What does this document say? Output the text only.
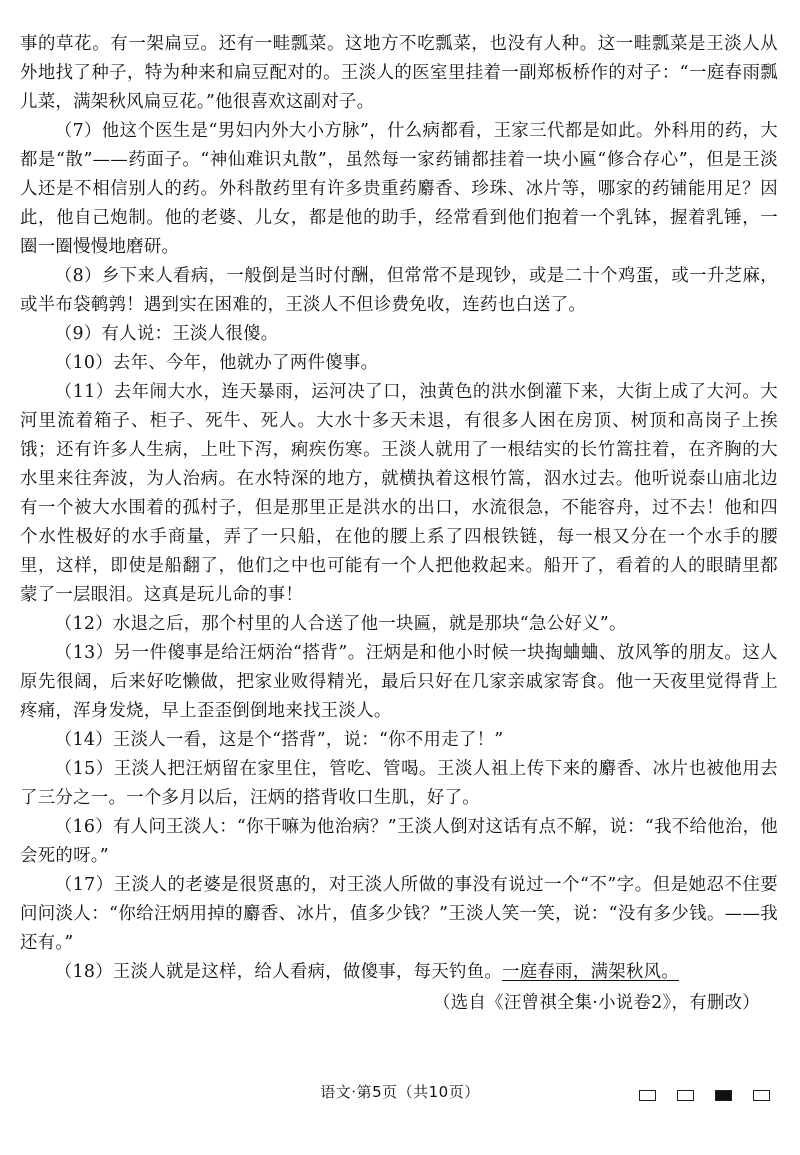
事的草花。有一架扁豆。还有一畦瓢菜。这地方不吃瓢菜，也没有人种。这一畦瓢菜是王淡人从外地找了种子，特为种来和扁豆配对的。王淡人的医室里挂着一副郑板桥作的对子：“一庭春雨瓢儿菜，满架秋风扁豆花。”他很喜欢这副对子。

（7）他这个医生是“男妇内外大小方脉”，什么病都看，王家三代都是如此。外科用的药，大都是“散”——药面子。“神仙难识丸散”，虽然每一家药铺都挂着一块小匾“修合存心”，但是王淡人还是不相信别人的药。外科散药里有许多贵重药麝香、珍珠、冰片等，哪家的药铺能用足？因此，他自己炮制。他的老婆、儿女，都是他的助手，经常看到他们抱着一个乳钵，握着乳锤，一圈一圈慢慢地磨研。

（8）乡下来人看病，一般倒是当时付酬，但常常不是现钞，或是二十个鸡蛋，或一升芝麻，或半布袋鹌鹑！遇到实在困难的，王淡人不但诊费免收，连药也白送了。

（9）有人说：王淡人很傻。

（10）去年、今年，他就办了两件傻事。

（11）去年闹大水，连天暴雨，运河决了口，浊黄色的洪水倒灌下来，大街上成了大河。大河里流着箱子、柜子、死牛、死人。大水十多天未退，有很多人困在房顶、树顶和高岗子上挨饿；还有许多人生病，上吐下泻，痢疾伤寒。王淡人就用了一根结实的长竹篙拄着，在齐胸的大水里来往奔波，为人治病。在水特深的地方，就横执着这根竹篙，泅水过去。他听说泰山庙北边有一个被大水围着的孤村子，但是那里正是洪水的出口，水流很急，不能容舟，过不去！他和四个水性极好的水手商量，弄了一只船，在他的腰上系了四根铁链，每一根又分在一个水手的腰里，这样，即使是船翻了，他们之中也可能有一个人把他救起来。船开了，看着的人的眼睛里都蒙了一层眼泪。这真是玩儿命的事！

（12）水退之后，那个村里的人合送了他一块匾，就是那块“急公好义”。

（13）另一件傻事是给汪炳治“搭背”。汪炳是和他小时候一块掏蛐蛐、放风筝的朋友。这人原先很阔，后来好吃懒做，把家业败得精光，最后只好在几家亲戚家寄食。他一天夜里觉得背上疼痛，浑身发烧，早上歪歪倒倒地来找王淡人。

（14）王淡人一看，这是个“搭背”，说：“你不用走了！”

（15）王淡人把汪炳留在家里住，管吃、管喝。王淡人祖上传下来的麝香、冰片也被他用去了三分之一。一个多月以后，汪炳的搭背收口生肌，好了。

（16）有人问王淡人：“你干嘛为他治病？”王淡人倒对这话有点不解，说：“我不给他治，他会死的呀。”

（17）王淡人的老婆是很贤惠的，对王淡人所做的事没有说过一个“不”字。但是她忍不住要问问淡人：“你给汪炳用掉的麝香、冰片，值多少钱？”王淡人笑一笑，说：“没有多少钱。——我还有。”

（18）王淡人就是这样，给人看病，做傻事，每天钓鱼。一庭春雨，满架秋风。

（选自《汪曾祺全集·小说卷2》，有删改）

语文·第5页（共10页）
